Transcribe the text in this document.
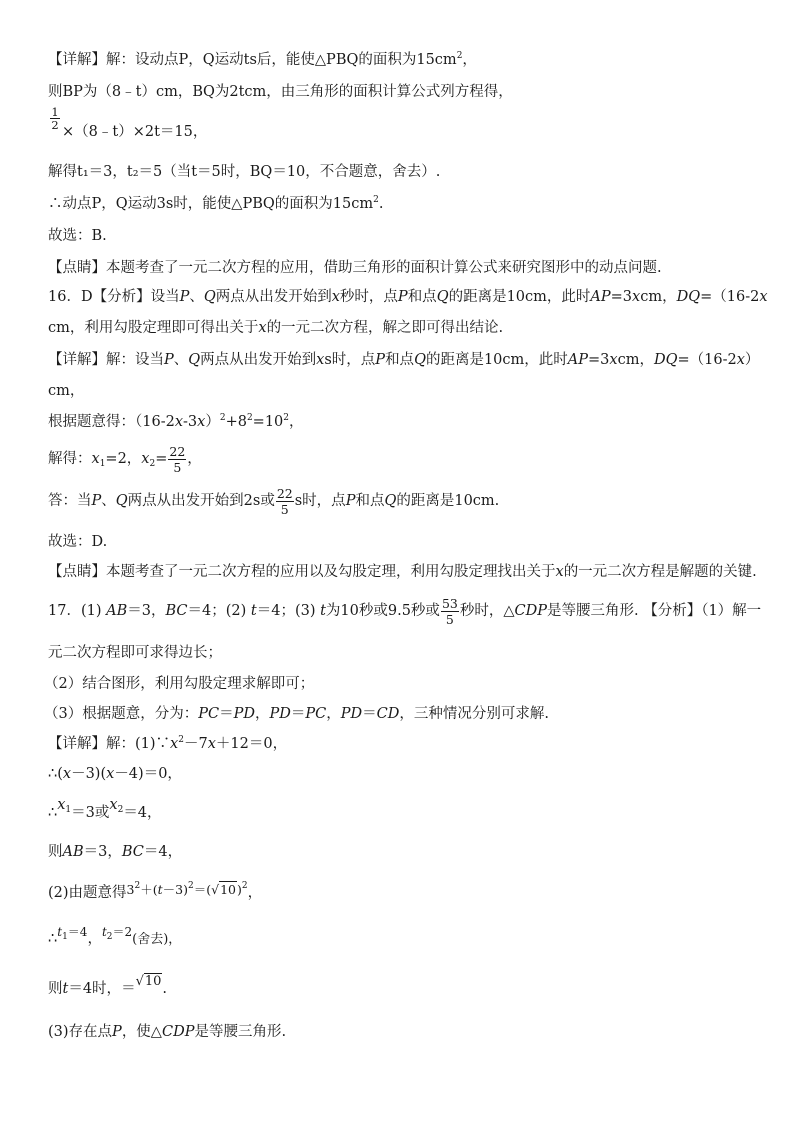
【详解】解：设动点P，Q运动ts后，能使△PBQ的面积为$15cm^2$，
则BP为（8﹣t）cm，BQ为2tcm，由三角形的面积计算公式列方程得，
1
2 ×（8﹣t）×2t＝15，
解得t₁＝3，t₂＝5（当t＝5时，BQ＝10，不合题意，舍去）.
∴动点P，Q运动3s时，能使△PBQ的面积为$15cm^2$.
故选：B.
【点睛】本题考查了一元二次方程的应用，借助三角形的面积计算公式来研究图形中的动点问题.
16．D【分析】设当P、Q两点从出发开始到x秒时，点P和点Q的距离是10cm，此时AP=3xcm，DQ=（16-2x
cm，利用勾股定理即可得出关于x的一元二次方程，解之即可得出结论.
【详解】解：设当P、Q两点从出发开始到xs时，点P和点Q的距离是10cm，此时AP=3xcm，DQ=（16-2x）
cm，
根据题意得：$(16-2x-3x)^2+8^2=10^2$，
解得：$x_1=2$，$x_2= \frac{22}{5}$ ，
答：当P、Q两点从出发开始到2s或 $\frac{22}{5}$ s时，点P和点Q的距离是10cm.
故选：D.
【点睛】本题考查了一元二次方程的应用以及勾股定理，利用勾股定理找出关于x的一元二次方程是解题的关键.
17．(1) AB＝3，BC＝4；(2) t＝4；(3) t为10秒或9.5秒或 $\frac{53}{5}$ 秒时，△CDP是等腰三角形. 【分析】（1）解一
元二次方程即可求得边长；
（2）结合图形，利用勾股定理求解即可；
（3）根据题意，分为：PC＝PD，PD＝PC，PD＝CD，三种情况分别可求解.
【详解】解：$(1)\because x^2-7x+12=0$，
∴(x－3)(x－4)＝0，
$\therefore x_1=3$或$x_2=4$，
则AB＝3，BC＝4，
(2)由题意得$3^2+(t-3)^2=(√10)^2$，
∴$^{t_1=4}$，$^{t_2=2}$(舍去)，
则t＝4时，＝√10.
(3)存在点P，使△CDP是等腰三角形.
